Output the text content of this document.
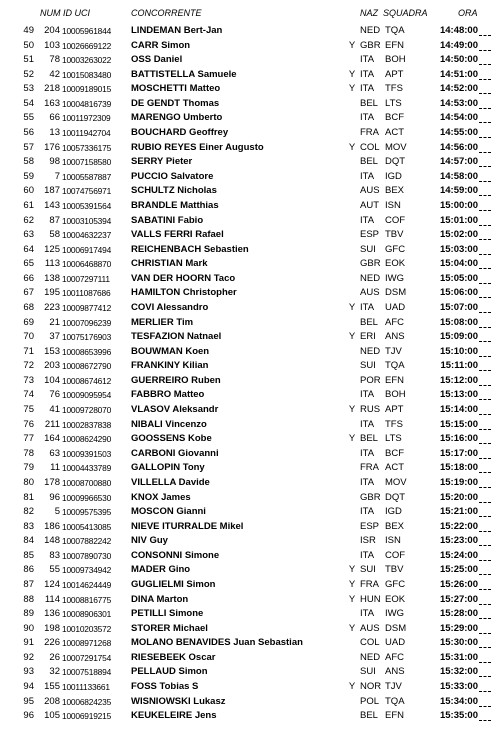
NUM ID UCI	CONCORRENTE	NAZ SQUADRA	ORA
49	204 10005961844	LINDEMAN Bert-Jan	NED TQA	14:48:00
50	103 10026669122	CARR Simon	Y GBR EFN	14:49:00
51	78 10003263022	OSS Daniel	ITA BOH	14:50:00
52	42 10015083480	BATTISTELLA Samuele	Y ITA APT	14:51:00
53	218 10009189015	MOSCHETTI Matteo	Y ITA TFS	14:52:00
54	163 10004816739	DE GENDT Thomas	BEL LTS	14:53:00
55	66 10011972309	MARENGO Umberto	ITA BCF	14:54:00
56	13 10011942704	BOUCHARD Geoffrey	FRA ACT	14:55:00
57	176 10057336175	RUBIO REYES Einer Augusto	Y COL MOV	14:56:00
58	98 10007158580	SERRY Pieter	BEL DQT	14:57:00
59	7 10005587887	PUCCIO Salvatore	ITA IGD	14:58:00
60	187 10074756971	SCHULTZ Nicholas	AUS BEX	14:59:00
61	143 10005391564	BRANDLE Matthias	AUT ISN	15:00:00
62	87 10003105394	SABATINI Fabio	ITA COF	15:01:00
63	58 10004632237	VALLS FERRI Rafael	ESP TBV	15:02:00
64	125 10006917494	REICHENBACH Sebastien	SUI GFC	15:03:00
65	113 10006468870	CHRISTIAN Mark	GBR EOK	15:04:00
66	138 10007297111	VAN DER HOORN Taco	NED IWG	15:05:00
67	195 10011087686	HAMILTON Christopher	AUS DSM	15:06:00
68	223 10009877412	COVI Alessandro	Y ITA UAD	15:07:00
69	21 10007096239	MERLIER Tim	BEL AFC	15:08:00
70	37 10075176903	TESFAZION Natnael	Y ERI ANS	15:09:00
71	153 10008653996	BOUWMAN Koen	NED TJV	15:10:00
72	203 10008672790	FRANKINY Kilian	SUI TQA	15:11:00
73	104 10008674612	GUERREIRO Ruben	POR EFN	15:12:00
74	76 10009095954	FABBRO Matteo	ITA BOH	15:13:00
75	41 10009728070	VLASOV Aleksandr	Y RUS APT	15:14:00
76	211 10002837838	NIBALI Vincenzo	ITA TFS	15:15:00
77	164 10008624290	GOOSSENS Kobe	Y BEL LTS	15:16:00
78	63 10009391503	CARBONI Giovanni	ITA BCF	15:17:00
79	11 10004433789	GALLOPIN Tony	FRA ACT	15:18:00
80	178 10008700880	VILLELLA Davide	ITA MOV	15:19:00
81	96 10009966530	KNOX James	GBR DQT	15:20:00
82	5 10009575395	MOSCON Gianni	ITA IGD	15:21:00
83	186 10005413085	NIEVE ITURRALDE Mikel	ESP BEX	15:22:00
84	148 10007882242	NIV Guy	ISR ISN	15:23:00
85	83 10007890730	CONSONNI Simone	ITA COF	15:24:00
86	55 10009734942	MADER Gino	Y SUI TBV	15:25:00
87	124 10014624449	GUGLIELMI Simon	Y FRA GFC	15:26:00
88	114 10008816775	DINA Marton	Y HUN EOK	15:27:00
89	136 10008906301	PETILLI Simone	ITA IWG	15:28:00
90	198 10010203572	STORER Michael	Y AUS DSM	15:29:00
91	226 10008971268	MOLANO BENAVIDES Juan Sebastian	COL UAD	15:30:00
92	26 10007291754	RIESEBEEK Oscar	NED AFC	15:31:00
93	32 10007518894	PELLAUD Simon	SUI ANS	15:32:00
94	155 10011133661	FOSS Tobias S	Y NOR TJV	15:33:00
95	208 10006824235	WISNIOWSKI Lukasz	POL TQA	15:34:00
96	105 10006919215	KEUKELEIRE Jens	BEL EFN	15:35:00
